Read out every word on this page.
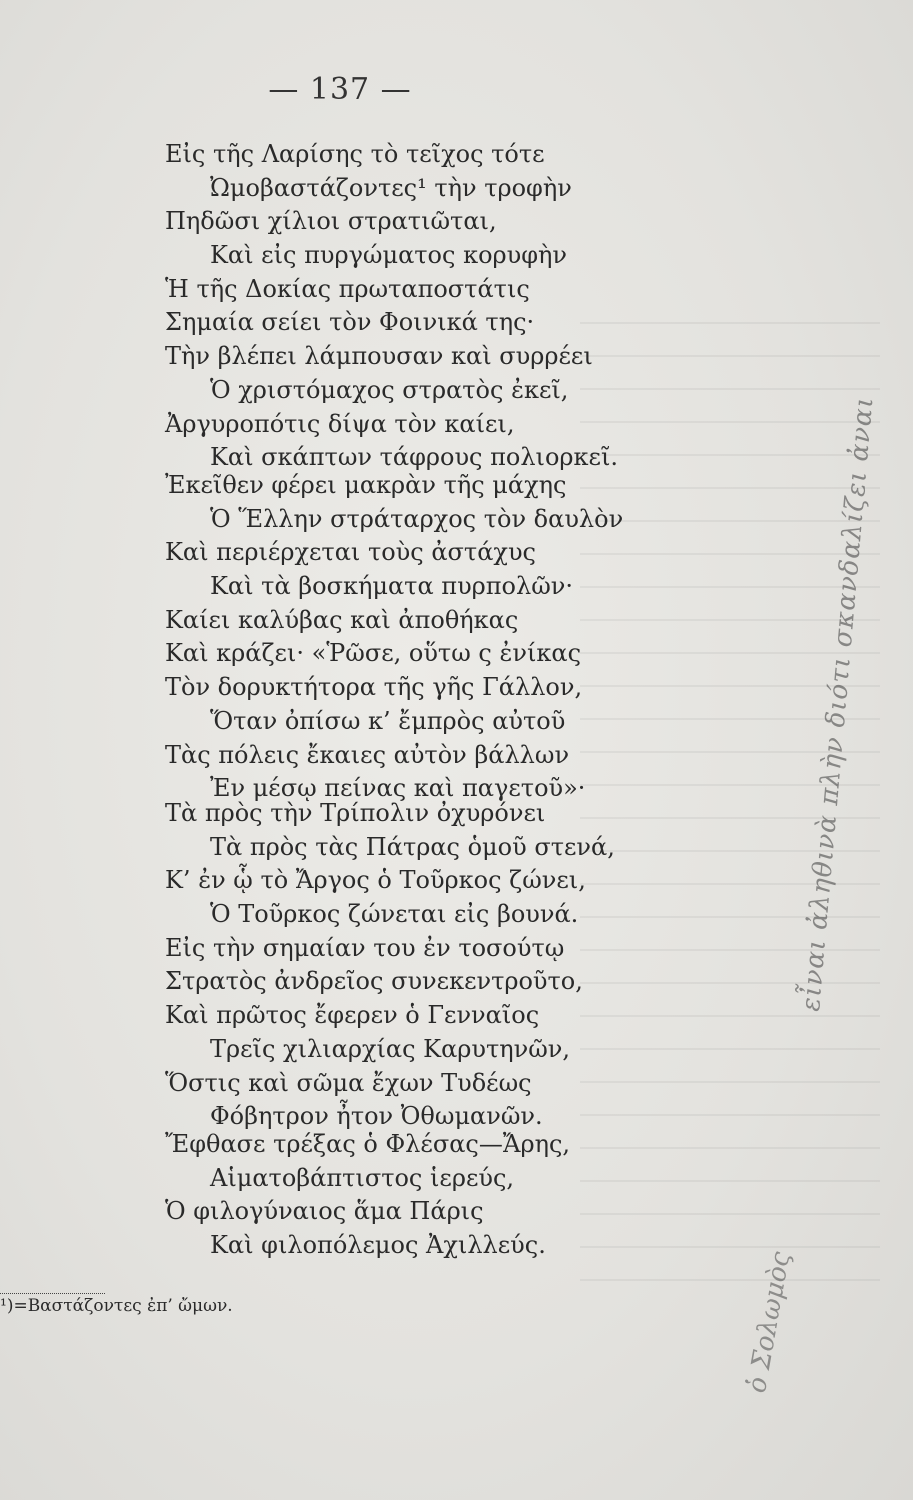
— 137 —
Εἰς τῆς Λαρίσης τὸ τεῖχος τότε
Ὠμοβαστάζοντες¹ τὴν τροφὴν
Πηδῶσι χίλιοι στρατιῶται,
Καὶ εἰς πυργώματος κορυφὴν
Ἡ τῆς Δοκίας πρωταποστάτις
Σημαία σείει τὸν Φοινικά της·
Τὴν βλέπει λάμπουσαν καὶ συρρέει
Ὁ χριστόμαχος στρατὸς ἐκεῖ,
Ἀργυροπότις δίψα τὸν καίει,
Καὶ σκάπτων τάφρους πολιορκεῖ.
Ἐκεῖθεν φέρει μακρὰν τῆς μάχης
Ὁ Ἕλλην στράταρχος τὸν δαυλὸν
Καὶ περιέρχεται τοὺς ἀστάχυς
Καὶ τὰ βοσκήματα πυρπολῶν·
Καίει καλύβας καὶ ἀποθήκας
Καὶ κράζει· «Ῥῶσε, οὕτω ς ἐνίκας
Τὸν δορυκτήτορα τῆς γῆς Γάλλον,
Ὅταν ὀπίσω κ’ ἔμπρὸς αὐτοῦ
Τὰς πόλεις ἔκαιες αὐτὸν βάλλων
Ἐν μέσῳ πείνας καὶ παγετοῦ»·
Τὰ πρὸς τὴν Τρίπολιν ὀχυρόνει
Τὰ πρὸς τὰς Πάτρας ὁμοῦ στενά,
Κ’ ἐν ᾧ τὸ Ἄργος ὁ Τοῦρκος ζώνει,
Ὁ Τοῦρκος ζώνεται εἰς βουνά.
Εἰς τὴν σημαίαν του ἐν τοσούτῳ
Στρατὸς ἀνδρεῖος συνεκεντροῦτο,
Καὶ πρῶτος ἔφερεν ὁ Γενναῖος
Τρεῖς χιλιαρχίας Καρυτηνῶν,
Ὅστις καὶ σῶμα ἔχων Τυδέως
Φόβητρον ἦτον Ὀθωμανῶν.
Ἔφθασε τρέξας ὁ Φλέσας—Ἄρης,
Αἱματοβάπτιστος ἱερεύς,
Ὁ φιλογύναιος ἅμα Πάρις
Καὶ φιλοπόλεμος Ἀχιλλεύς.
¹)=Βαστάζοντες ἐπ’ ὤμων.
εἶναι ἀληθινὰ πλὴν διότι σκανδαλίζει ἀναι
ὁ Σολωμὸς
